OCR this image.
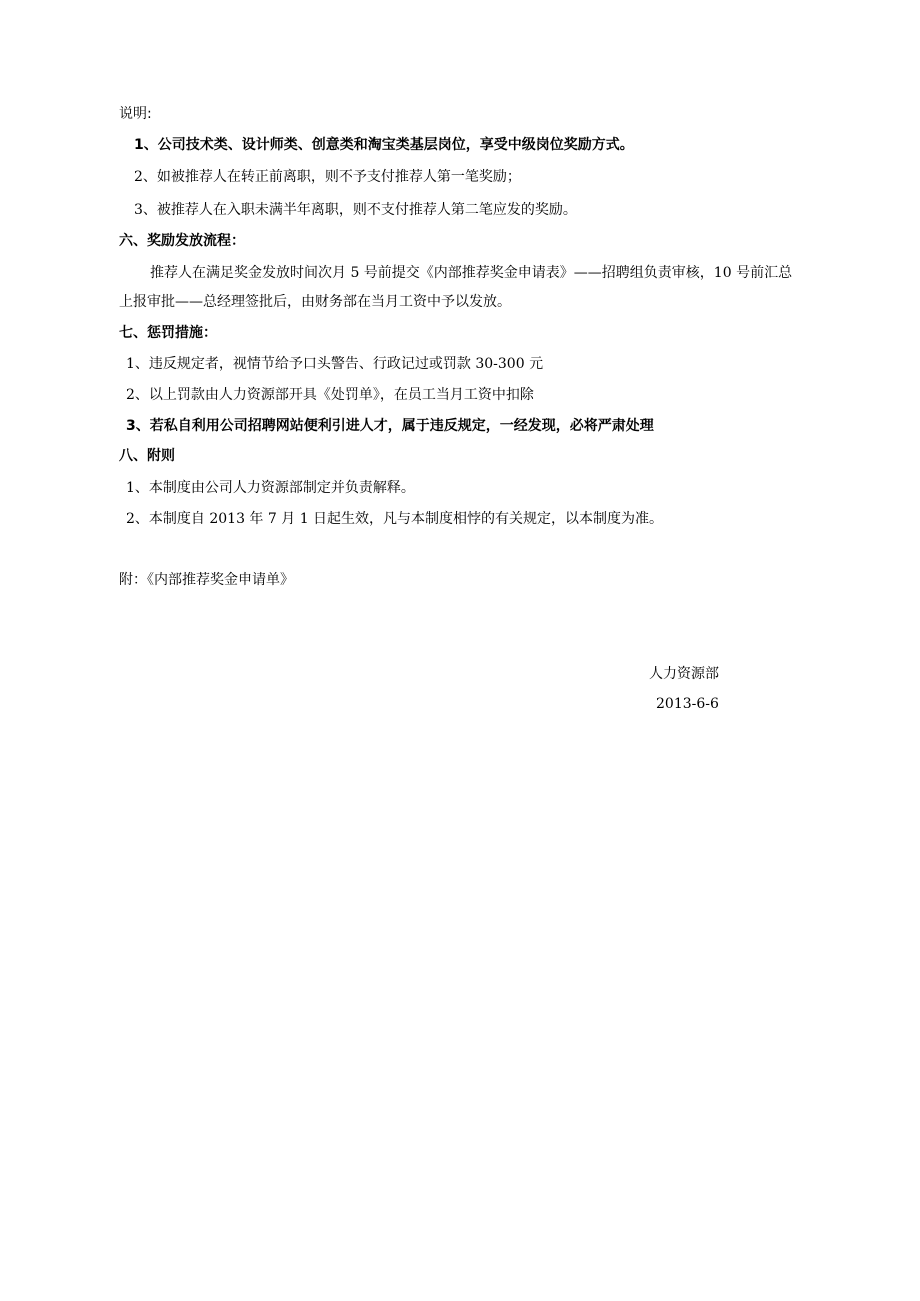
说明:
1、公司技术类、设计师类、创意类和淘宝类基层岗位，享受中级岗位奖励方式。
2、如被推荐人在转正前离职，则不予支付推荐人第一笔奖励；
3、被推荐人在入职未满半年离职，则不支付推荐人第二笔应发的奖励。
六、奖励发放流程：
推荐人在满足奖金发放时间次月 5 号前提交《内部推荐奖金申请表》——招聘组负责审核，10 号前汇总
上报审批——总经理签批后，由财务部在当月工资中予以发放。
七、惩罚措施：
1、违反规定者，视情节给予口头警告、行政记过或罚款 30-300 元
2、以上罚款由人力资源部开具《处罚单》，在员工当月工资中扣除
3、若私自利用公司招聘网站便利引进人才，属于违反规定，一经发现，必将严肃处理
八、附则
1、本制度由公司人力资源部制定并负责解释。
2、本制度自 2013 年 7 月 1 日起生效，凡与本制度相悖的有关规定，以本制度为准。
附：《内部推荐奖金申请单》
人力资源部
2013-6-6
